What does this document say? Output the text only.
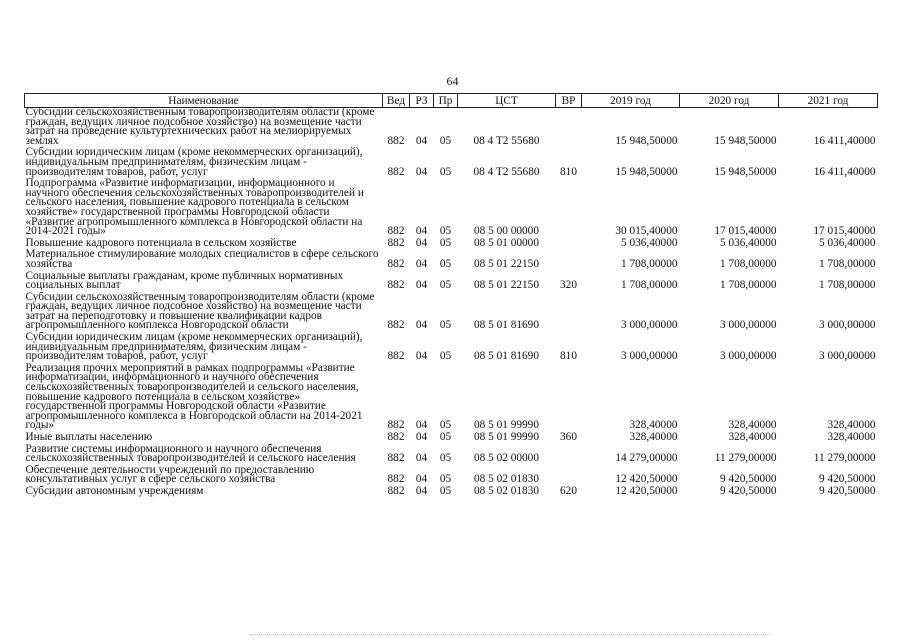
64
Наименование	Вед	РЗ	Пр	ЦСТ	ВР	2019 год	2020 год	2021 год
Субсидии сельскохозяйственным товаропроизводителям области (кроме граждан, ведущих личное подсобное хозяйство) на возмещение части затрат на проведение культуртехнических работ на мелиорируемых землях	882	04	05	08 4 T2 55680		15 948,50000	15 948,50000	16 411,40000
Субсидии юридическим лицам (кроме некоммерческих организаций), индивидуальным предпринимателям, физическим лицам - производителям товаров, работ, услуг	882	04	05	08 4 T2 55680	810	15 948,50000	15 948,50000	16 411,40000
Подпрограмма «Развитие информатизации, информационного и научного обеспечения сельскохозяйственных товаропроизводителей и сельского населения, повышение кадрового потенциала в сельском хозяйстве» государственной программы Новгородской области «Развитие агропромышленного комплекса в Новгородской области на 2014-2021 годы»	882	04	05	08 5 00 00000		30 015,40000	17 015,40000	17 015,40000
Повышение кадрового потенциала в сельском хозяйстве	882	04	05	08 5 01 00000		5 036,40000	5 036,40000	5 036,40000
Материальное стимулирование молодых специалистов в сфере сельского хозяйства	882	04	05	08 5 01 22150		1 708,00000	1 708,00000	1 708,00000
Социальные выплаты гражданам, кроме публичных нормативных социальных выплат	882	04	05	08 5 01 22150	320	1 708,00000	1 708,00000	1 708,00000
Субсидии сельскохозяйственным товаропроизводителям области (кроме граждан, ведущих личное подсобное хозяйство) на возмещение части затрат на переподготовку и повышение квалификации кадров агропромышленного комплекса Новгородской области	882	04	05	08 5 01 81690		3 000,00000	3 000,00000	3 000,00000
Субсидии юридическим лицам (кроме некоммерческих организаций), индивидуальным предпринимателям, физическим лицам - производителям товаров, работ, услуг	882	04	05	08 5 01 81690	810	3 000,00000	3 000,00000	3 000,00000
Реализация прочих мероприятий в рамках подпрограммы «Развитие информатизации, информационного и научного обеспечения сельскохозяйственных товаропроизводителей и сельского населения, повышение кадрового потенциала в сельском хозяйстве» государственной программы Новгородской области «Развитие агропромышленного комплекса в Новгородской области на 2014-2021 годы»	882	04	05	08 5 01 99990		328,40000	328,40000	328,40000
Иные выплаты населению	882	04	05	08 5 01 99990	360	328,40000	328,40000	328,40000
Развитие системы информационного и научного обеспечения сельскохозяйственных товаропроизводителей и сельского населения	882	04	05	08 5 02 00000		14 279,00000	11 279,00000	11 279,00000
Обеспечение деятельности учреждений по предоставлению консультативных услуг в сфере сельского хозяйства	882	04	05	08 5 02 01830		12 420,50000	9 420,50000	9 420,50000
Субсидии автономным учреждениям	882	04	05	08 5 02 01830	620	12 420,50000	9 420,50000	9 420,50000
